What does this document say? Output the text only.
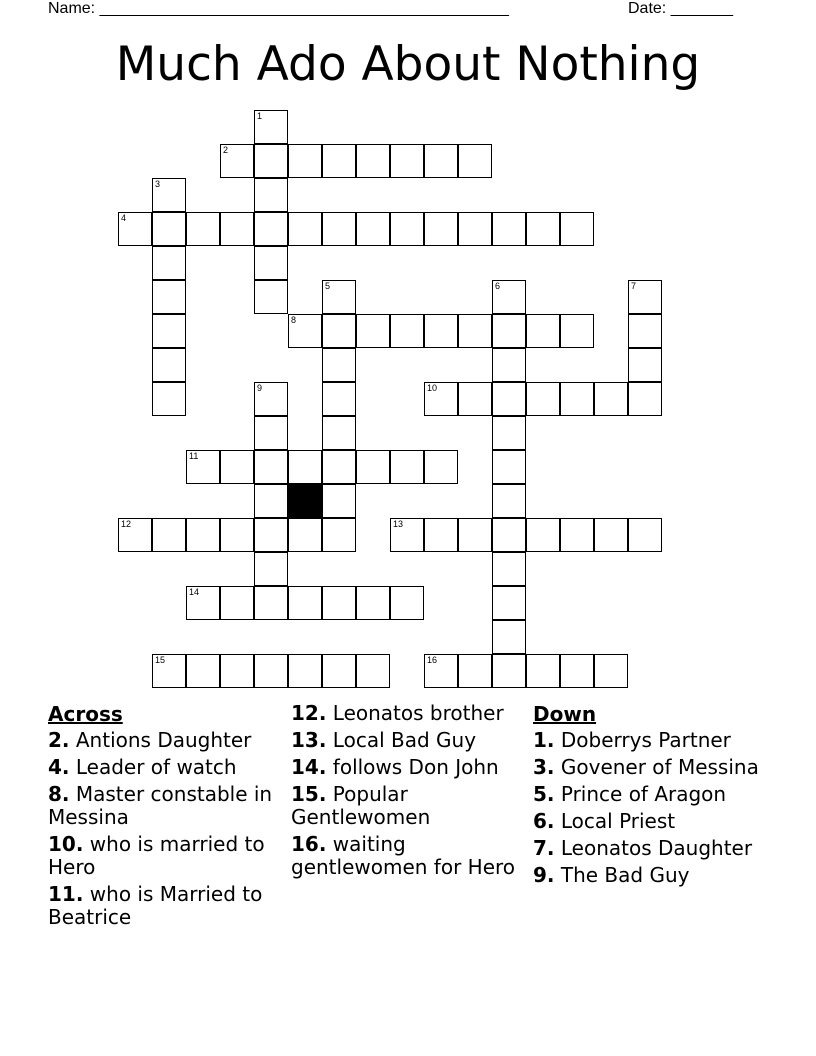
Name: ______________________________________________	Date: _______
Much Ado About Nothing
1
2
3
4
5	6	7
8
9	10
11
12	13
14
15	16
Across
2. Antions Daughter
4. Leader of watch
8. Master constable in Messina
10. who is married to Hero
11. who is Married to Beatrice
12. Leonatos brother
13. Local Bad Guy
14. follows Don John
15. Popular Gentlewomen
16. waiting gentlewomen for Hero
Down
1. Doberrys Partner
3. Govener of Messina
5. Prince of Aragon
6. Local Priest
7. Leonatos Daughter
9. The Bad Guy
